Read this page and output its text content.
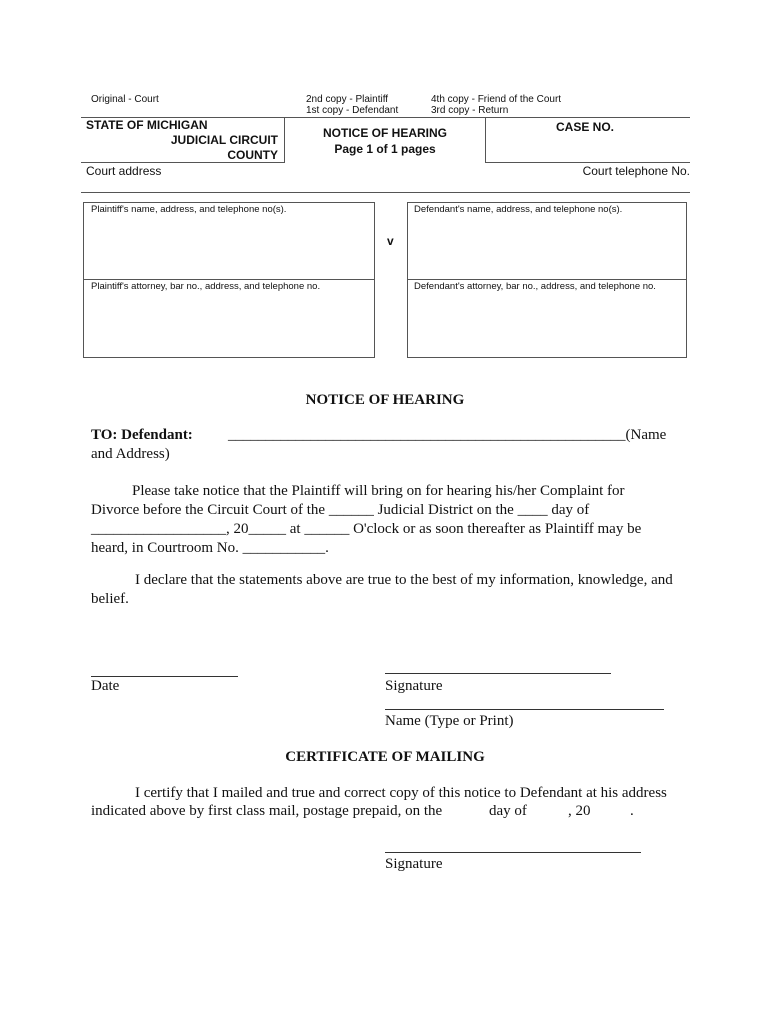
Original - Court	2nd copy - Plaintiff
1st copy - Defendant
4th copy - Friend of the Court
3rd copy - Return
STATE OF MICHIGAN
JUDICIAL CIRCUIT
COUNTY
NOTICE OF HEARING
Page 1 of 1 pages
CASE NO.
Court address	Court telephone No.
Plaintiff's name, address, and telephone no(s).
Plaintiff's attorney, bar no., address, and telephone no.
v
Defendant's name, address, and telephone no(s).
Defendant's attorney, bar no., address, and telephone no.
NOTICE OF HEARING
TO: Defendant: _____________________________________________________(Name
and Address)
Please take notice that the Plaintiff will bring on for hearing his/her Complaint for
Divorce before the Circuit Court of the ______ Judicial District on the ____ day of
__________________, 20_____ at ______ O'clock or as soon thereafter as Plaintiff may be
heard, in Courtroom No. ___________.
I declare that the statements above are true to the best of my information, knowledge, and
belief.
Date	Signature
Name (Type or Print)
CERTIFICATE OF MAILING
I certify that I mailed and true and correct copy of this notice to Defendant at his address
indicated above by first class mail, postage prepaid, on the	day of	, 20	.
Signature
